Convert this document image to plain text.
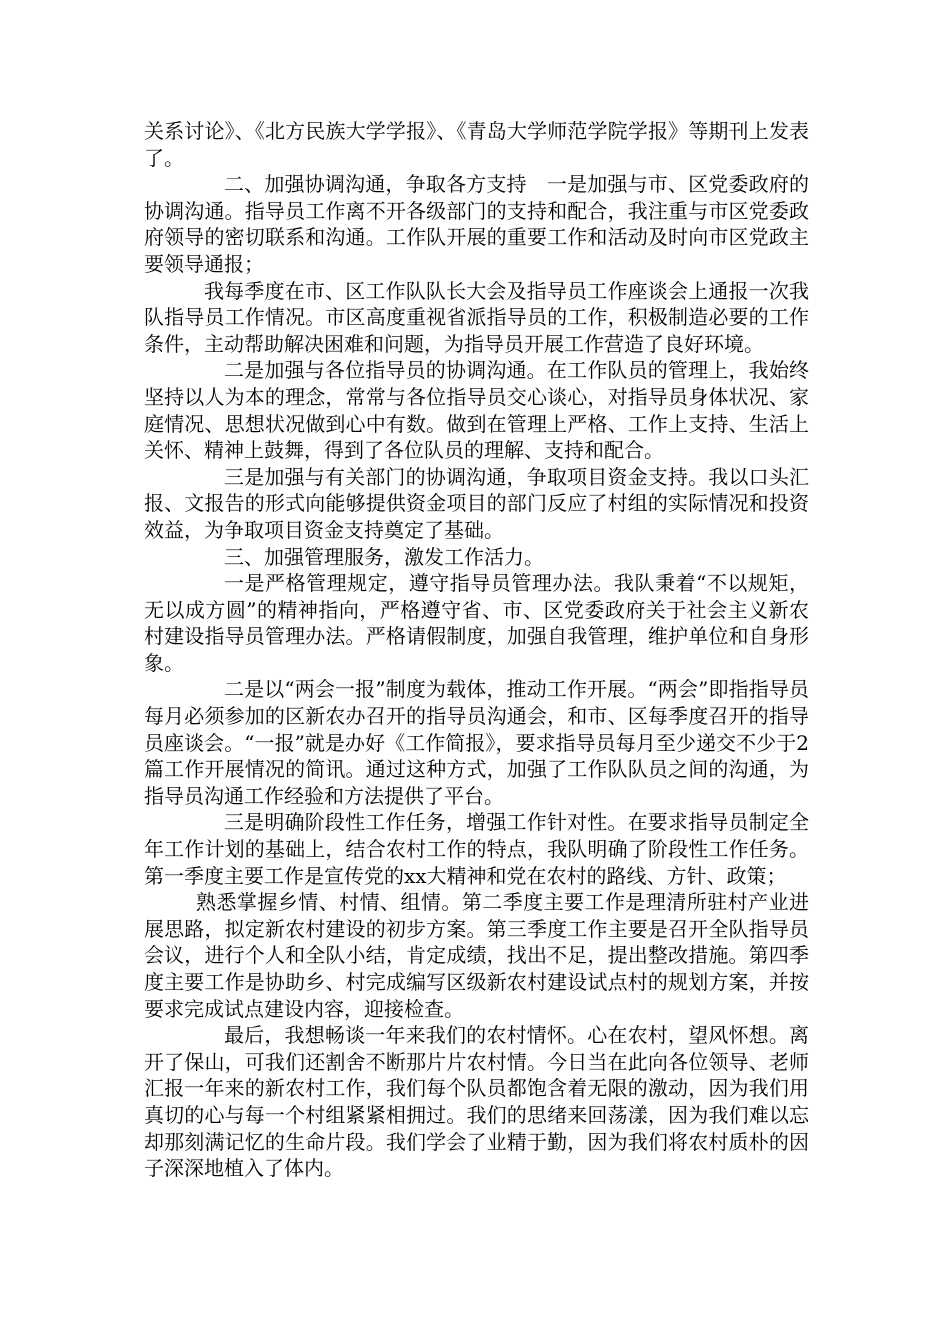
关系讨论》、《北方民族大学学报》、《青岛大学师范学院学报》等期刊上发表了。

二、加强协调沟通，争取各方支持　一是加强与市、区党委政府的协调沟通。指导员工作离不开各级部门的支持和配合，我注重与市区党委政府领导的密切联系和沟通。工作队开展的重要工作和活动及时向市区党政主要领导通报；

我每季度在市、区工作队队长大会及指导员工作座谈会上通报一次我队指导员工作情况。市区高度重视省派指导员的工作，积极制造必要的工作条件，主动帮助解决困难和问题，为指导员开展工作营造了良好环境。

二是加强与各位指导员的协调沟通。在工作队员的管理上，我始终坚持以人为本的理念，常常与各位指导员交心谈心，对指导员身体状况、家庭情况、思想状况做到心中有数。做到在管理上严格、工作上支持、生活上关怀、精神上鼓舞，得到了各位队员的理解、支持和配合。

三是加强与有关部门的协调沟通，争取项目资金支持。我以口头汇报、文报告的形式向能够提供资金项目的部门反应了村组的实际情况和投资效益，为争取项目资金支持奠定了基础。

三、加强管理服务，激发工作活力。

一是严格管理规定，遵守指导员管理办法。我队秉着“不以规矩，无以成方圆”的精神指向，严格遵守省、市、区党委政府关于社会主义新农村建设指导员管理办法。严格请假制度，加强自我管理，维护单位和自身形象。

二是以“两会一报”制度为载体，推动工作开展。“两会”即指指导员每月必须参加的区新农办召开的指导员沟通会，和市、区每季度召开的指导员座谈会。“一报”就是办好《工作简报》，要求指导员每月至少递交不少于2篇工作开展情况的简讯。通过这种方式，加强了工作队队员之间的沟通，为指导员沟通工作经验和方法提供了平台。

三是明确阶段性工作任务，增强工作针对性。在要求指导员制定全年工作计划的基础上，结合农村工作的特点，我队明确了阶段性工作任务。第一季度主要工作是宣传党的xx大精神和党在农村的路线、方针、政策；

熟悉掌握乡情、村情、组情。第二季度主要工作是理清所驻村产业进展思路，拟定新农村建设的初步方案。第三季度工作主要是召开全队指导员会议，进行个人和全队小结，肯定成绩，找出不足，提出整改措施。第四季度主要工作是协助乡、村完成编写区级新农村建设试点村的规划方案，并按要求完成试点建设内容，迎接检查。

最后，我想畅谈一年来我们的农村情怀。心在农村，望风怀想。离开了保山，可我们还割舍不断那片片农村情。今日当在此向各位领导、老师汇报一年来的新农村工作，我们每个队员都饱含着无限的激动，因为我们用真切的心与每一个村组紧紧相拥过。我们的思绪来回荡漾，因为我们难以忘却那刻满记忆的生命片段。我们学会了业精于勤，因为我们将农村质朴的因子深深地植入了体内。
